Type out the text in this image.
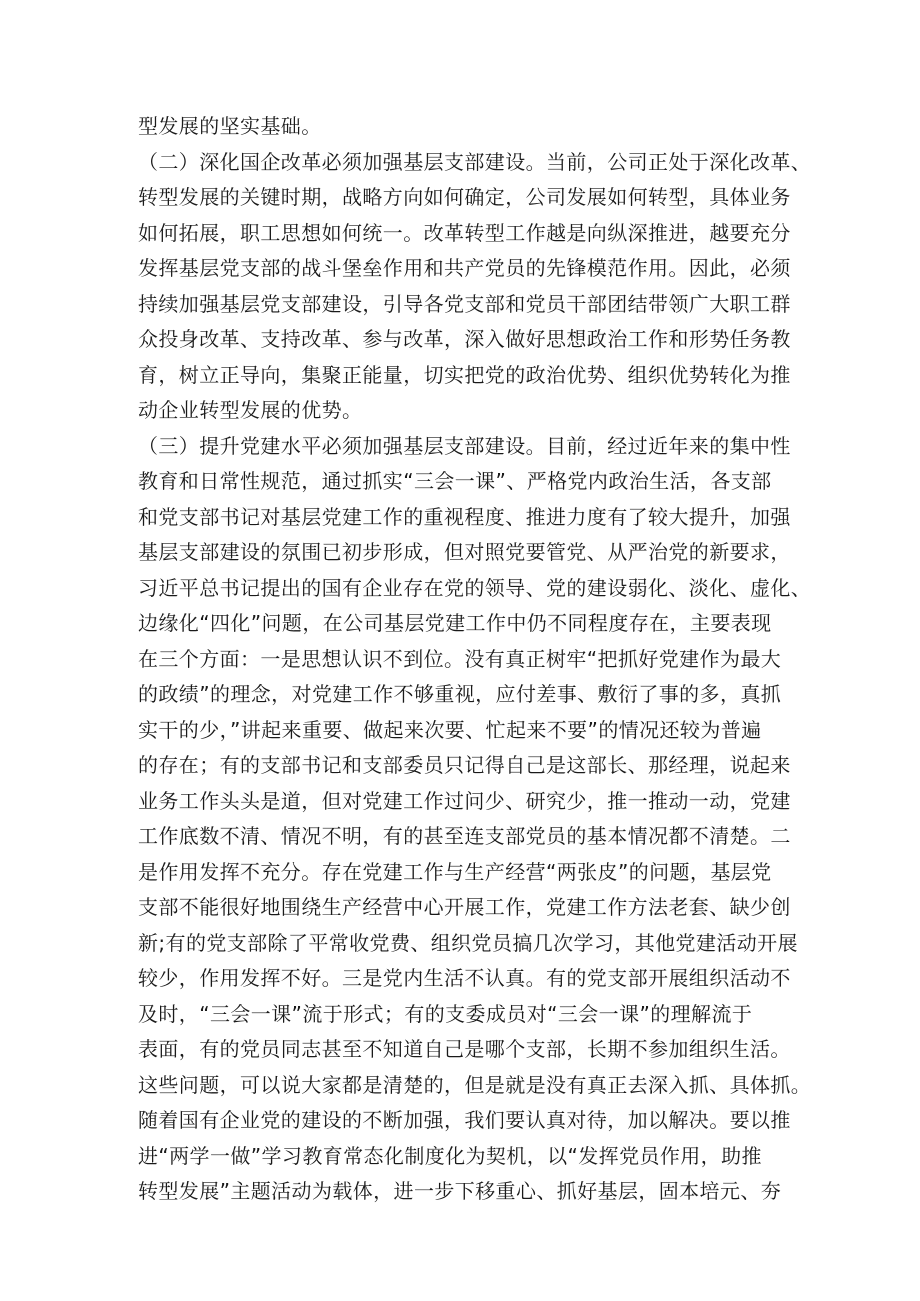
型发展的坚实基础。
（二）深化国企改革必须加强基层支部建设。当前，公司正处于深化改革、
转型发展的关键时期，战略方向如何确定，公司发展如何转型，具体业务
如何拓展，职工思想如何统一。改革转型工作越是向纵深推进，越要充分
发挥基层党支部的战斗堡垒作用和共产党员的先锋模范作用。因此，必须
持续加强基层党支部建设，引导各党支部和党员干部团结带领广大职工群
众投身改革、支持改革、参与改革，深入做好思想政治工作和形势任务教
育，树立正导向，集聚正能量，切实把党的政治优势、组织优势转化为推
动企业转型发展的优势。
（三）提升党建水平必须加强基层支部建设。目前，经过近年来的集中性
教育和日常性规范，通过抓实“三会一课”、严格党内政治生活，各支部
和党支部书记对基层党建工作的重视程度、推进力度有了较大提升，加强
基层支部建设的氛围已初步形成，但对照党要管党、从严治党的新要求，
习近平总书记提出的国有企业存在党的领导、党的建设弱化、淡化、虚化、
边缘化“四化”问题，在公司基层党建工作中仍不同程度存在，主要表现
在三个方面：一是思想认识不到位。没有真正树牢“把抓好党建作为最大
的政绩”的理念，对党建工作不够重视，应付差事、敷衍了事的多，真抓
实干的少，”讲起来重要、做起来次要、忙起来不要”的情况还较为普遍
的存在；有的支部书记和支部委员只记得自己是这部长、那经理，说起来
业务工作头头是道，但对党建工作过问少、研究少，推一推动一动，党建
工作底数不清、情况不明，有的甚至连支部党员的基本情况都不清楚。二
是作用发挥不充分。存在党建工作与生产经营“两张皮”的问题，基层党
支部不能很好地围绕生产经营中心开展工作，党建工作方法老套、缺少创
新;有的党支部除了平常收党费、组织党员搞几次学习，其他党建活动开展
较少，作用发挥不好。三是党内生活不认真。有的党支部开展组织活动不
及时，“三会一课”流于形式；有的支委成员对“三会一课”的理解流于
表面，有的党员同志甚至不知道自己是哪个支部，长期不参加组织生活。
这些问题，可以说大家都是清楚的，但是就是没有真正去深入抓、具体抓。
随着国有企业党的建设的不断加强，我们要认真对待，加以解决。要以推
进“两学一做”学习教育常态化制度化为契机，以“发挥党员作用，助推
转型发展”主题活动为载体，进一步下移重心、抓好基层，固本培元、夯
